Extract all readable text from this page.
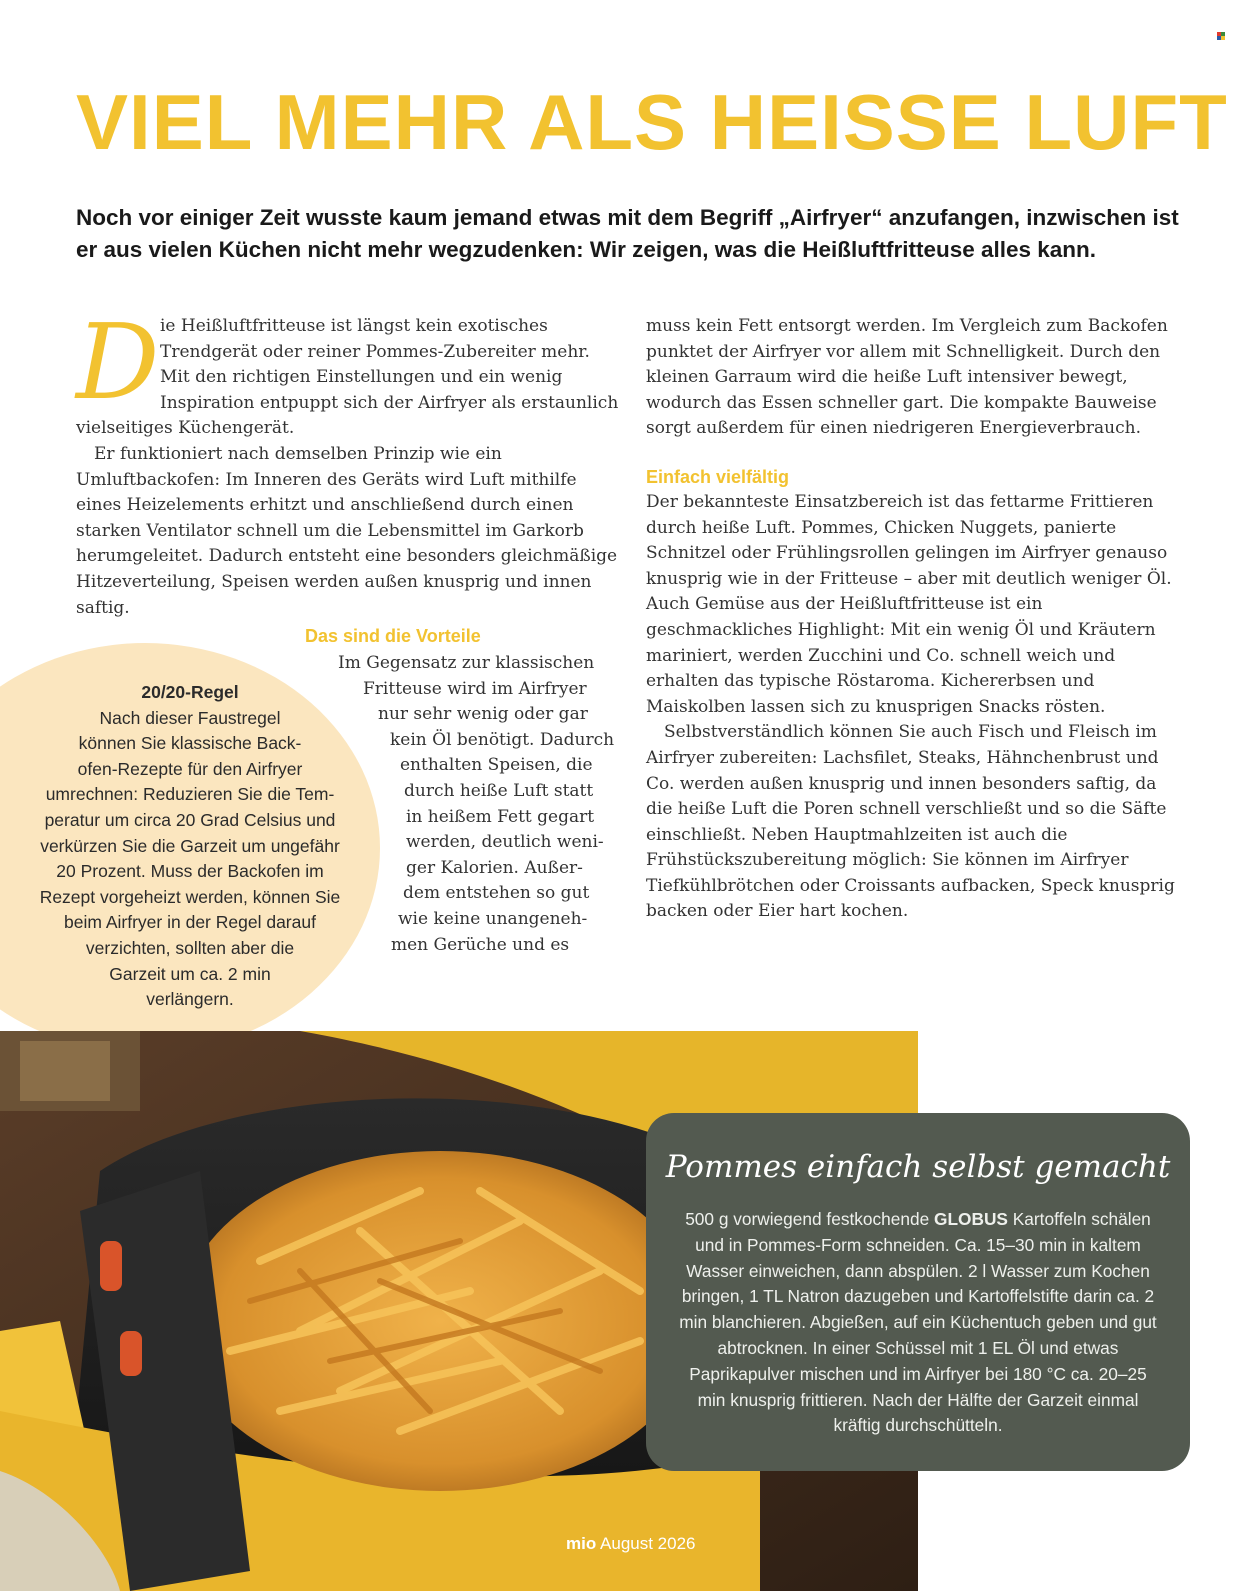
VIEL MEHR ALS HEISSE LUFT

Noch vor einiger Zeit wusste kaum jemand etwas mit dem Begriff „Airfryer“ anzufangen, inzwischen ist er aus vielen Küchen nicht mehr wegzudenken: Wir zeigen, was die Heißluftfritteuse alles kann.

D ie Heißluftfritteuse ist längst kein exotisches Trendgerät oder reiner Pommes-Zubereiter mehr. Mit den richtigen Einstellungen und ein wenig Inspiration entpuppt sich der Airfryer als erstaunlich vielseitiges Küchengerät.

Er funktioniert nach demselben Prinzip wie ein Umluftbackofen: Im Inneren des Geräts wird Luft mithilfe eines Heizelements erhitzt und anschließend durch einen starken Ventilator schnell um die Lebensmittel im Garkorb herumgeleitet. Dadurch entsteht eine besonders gleichmäßige Hitzeverteilung, Speisen werden außen knusprig und innen saftig.

20/20-Regel
Nach dieser Faustregel
können Sie klassische Back-
ofen-Rezepte für den Airfryer
umrechnen: Reduzieren Sie die Tem-
peratur um circa 20 Grad Celsius und
verkürzen Sie die Garzeit um ungefähr
20 Prozent. Muss der Backofen im
Rezept vorgeheizt werden, können Sie
beim Airfryer in der Regel darauf
verzichten, sollten aber die
Garzeit um ca. 2 min
verlängern.
Das sind die Vorteile
Im Gegensatz zur klassischen
Fritteuse wird im Airfryer
nur sehr wenig oder gar
kein Öl benötigt. Dadurch
enthalten Speisen, die
durch heiße Luft statt
in heißem Fett gegart
werden, deutlich weni-
ger Kalorien. Außer-
dem entstehen so gut
wie keine unangeneh-
men Gerüche und es

muss kein Fett entsorgt werden. Im Vergleich zum Backofen punktet der Airfryer vor allem mit Schnelligkeit. Durch den kleinen Garraum wird die heiße Luft intensiver bewegt, wodurch das Essen schneller gart. Die kompakte Bauweise sorgt außerdem für einen niedrigeren Energieverbrauch.

Einfach vielfältig

Der bekannteste Einsatzbereich ist das fettarme Frittieren durch heiße Luft. Pommes, Chicken Nuggets, panierte Schnitzel oder Frühlingsrollen gelingen im Airfryer genauso knusprig wie in der Fritteuse – aber mit deutlich weniger Öl. Auch Gemüse aus der Heißluftfritteuse ist ein geschmackliches Highlight: Mit ein wenig Öl und Kräutern mariniert, werden Zucchini und Co. schnell weich und erhalten das typische Röstaroma. Kichererbsen und Maiskolben lassen sich zu knusprigen Snacks rösten.

Selbstverständlich können Sie auch Fisch und Fleisch im Airfryer zubereiten: Lachsfilet, Steaks, Hähnchenbrust und Co. werden außen knusprig und innen besonders saftig, da die heiße Luft die Poren schnell verschließt und so die Säfte einschließt. Neben Hauptmahlzeiten ist auch die Frühstückszubereitung möglich: Sie können im Airfryer Tiefkühlbrötchen oder Croissants aufbacken, Speck knusprig backen oder Eier hart kochen.

Pommes einfach selbst gemacht
500 g vorwiegend festkochende GLOBUS Kartoffeln schälen und in Pommes-Form schneiden. Ca. 15–30 min in kaltem Wasser einweichen, dann abspülen. 2 l Wasser zum Kochen bringen, 1 TL Natron dazugeben und Kartoffelstifte darin ca. 2 min blanchieren. Abgießen, auf ein Küchentuch geben und gut abtrocknen. In einer Schüssel mit 1 EL Öl und etwas Paprikapulver mischen und im Airfryer bei 180 °C ca. 20–25 min knusprig frittieren. Nach der Hälfte der Garzeit einmal kräftig durchschütteln.
mio August 2026
